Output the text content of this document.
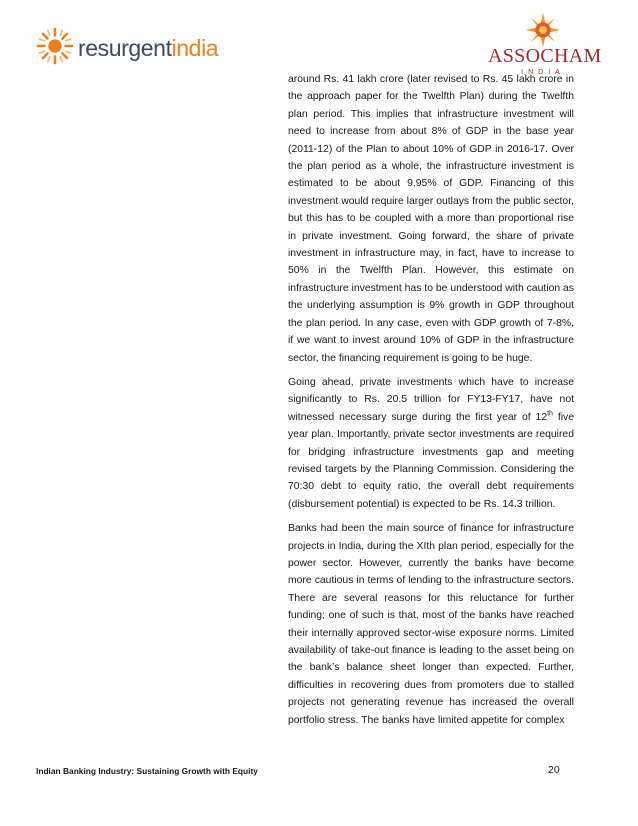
resurgentindia	ASSOCHAM
INDIA

around Rs. 41 lakh crore (later revised to Rs. 45 lakh crore in the approach paper for the Twelfth Plan) during the Twelfth plan period. This implies that infrastructure investment will need to increase from about 8% of GDP in the base year (2011-12) of the Plan to about 10% of GDP in 2016-17. Over the plan period as a whole, the infrastructure investment is estimated to be about 9.95% of GDP. Financing of this investment would require larger outlays from the public sector, but this has to be coupled with a more than proportional rise in private investment. Going forward, the share of private investment in infrastructure may, in fact, have to increase to 50% in the Twelfth Plan. However, this estimate on infrastructure investment has to be understood with caution as the underlying assumption is 9% growth in GDP throughout the plan period. In any case, even with GDP growth of 7-8%, if we want to invest around 10% of GDP in the infrastructure sector, the financing requirement is going to be huge.

Going ahead, private investments which have to increase significantly to Rs. 20.5 trillion for FY13-FY17, have not witnessed necessary surge during the first year of 12th five year plan. Importantly, private sector investments are required for bridging infrastructure investments gap and meeting revised targets by the Planning Commission. Considering the 70:30 debt to equity ratio, the overall debt requirements (disbursement potential) is expected to be Rs. 14.3 trillion.

Banks had been the main source of finance for infrastructure projects in India, during the XIth plan period, especially for the power sector. However, currently the banks have become more cautious in terms of lending to the infrastructure sectors. There are several reasons for this reluctance for further funding; one of such is that, most of the banks have reached their internally approved sector-wise exposure norms. Limited availability of take-out finance is leading to the asset being on the bank’s balance sheet longer than expected. Further, difficulties in recovering dues from promoters due to stalled projects not generating revenue has increased the overall portfolio stress. The banks have limited appetite for complex

Indian Banking Industry: Sustaining Growth with Equity	20
